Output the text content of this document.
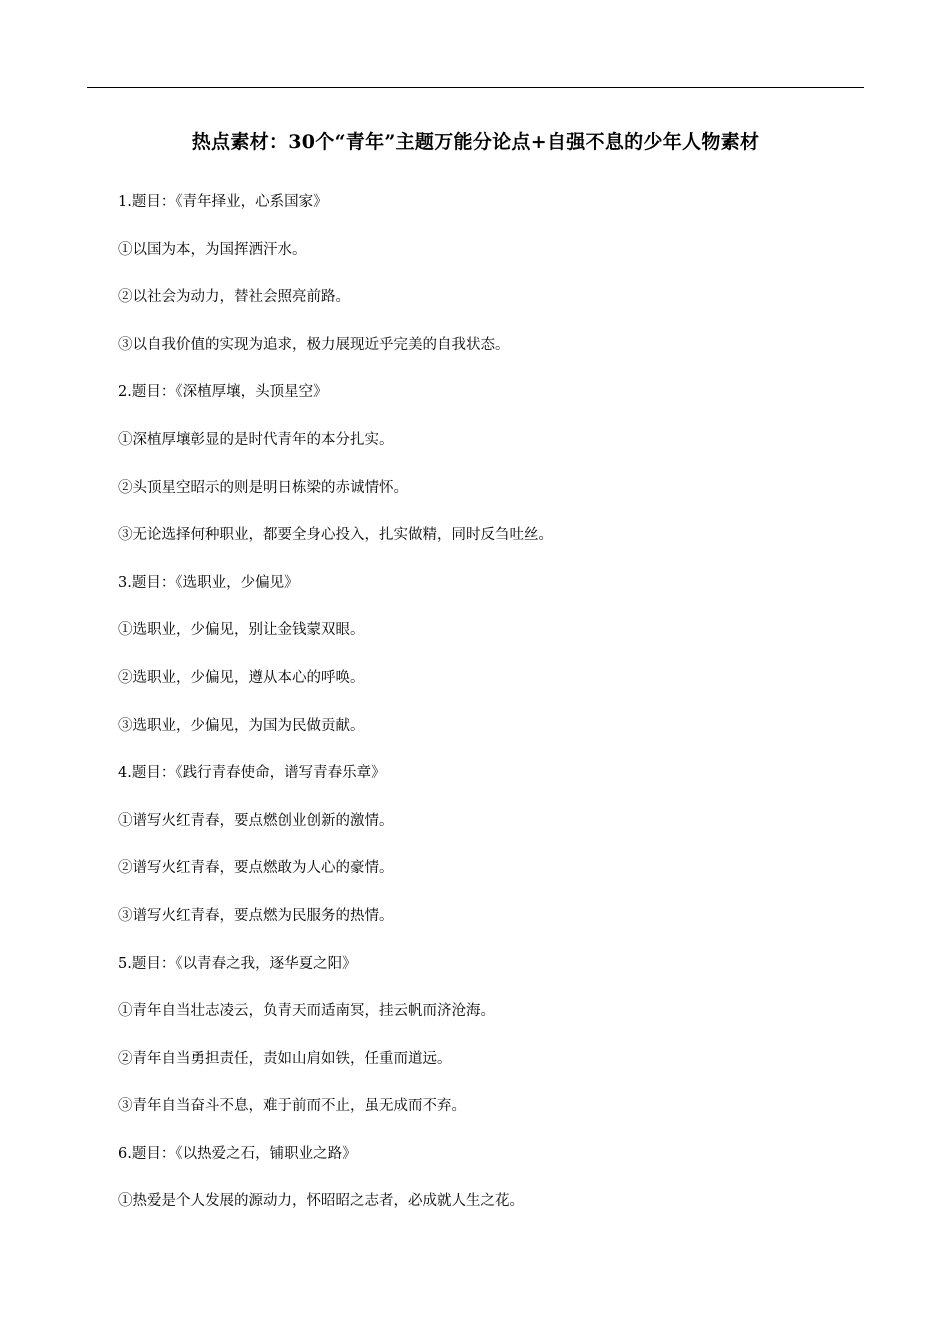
热点素材：30个“青年”主题万能分论点+自强不息的少年人物素材
1.题目：《青年择业，心系国家》
①以国为本，为国挥洒汗水。
②以社会为动力，替社会照亮前路。
③以自我价值的实现为追求，极力展现近乎完美的自我状态。
2.题目：《深植厚壤，头顶星空》
①深植厚壤彰显的是时代青年的本分扎实。
②头顶星空昭示的则是明日栋梁的赤诚情怀。
③无论选择何种职业，都要全身心投入，扎实做精，同时反刍吐丝。
3.题目：《选职业，少偏见》
①选职业，少偏见，别让金钱蒙双眼。
②选职业，少偏见，遵从本心的呼唤。
③选职业，少偏见，为国为民做贡献。
4.题目：《践行青春使命，谱写青春乐章》
①谱写火红青春，要点燃创业创新的激情。
②谱写火红青春，要点燃敢为人心的豪情。
③谱写火红青春，要点燃为民服务的热情。
5.题目：《以青春之我，逐华夏之阳》
①青年自当壮志凌云，负青天而适南冥，挂云帆而济沧海。
②青年自当勇担责任，责如山肩如铁，任重而道远。
③青年自当奋斗不息，难于前而不止，虽无成而不弃。
6.题目：《以热爱之石，铺职业之路》
①热爱是个人发展的源动力，怀昭昭之志者，必成就人生之花。
